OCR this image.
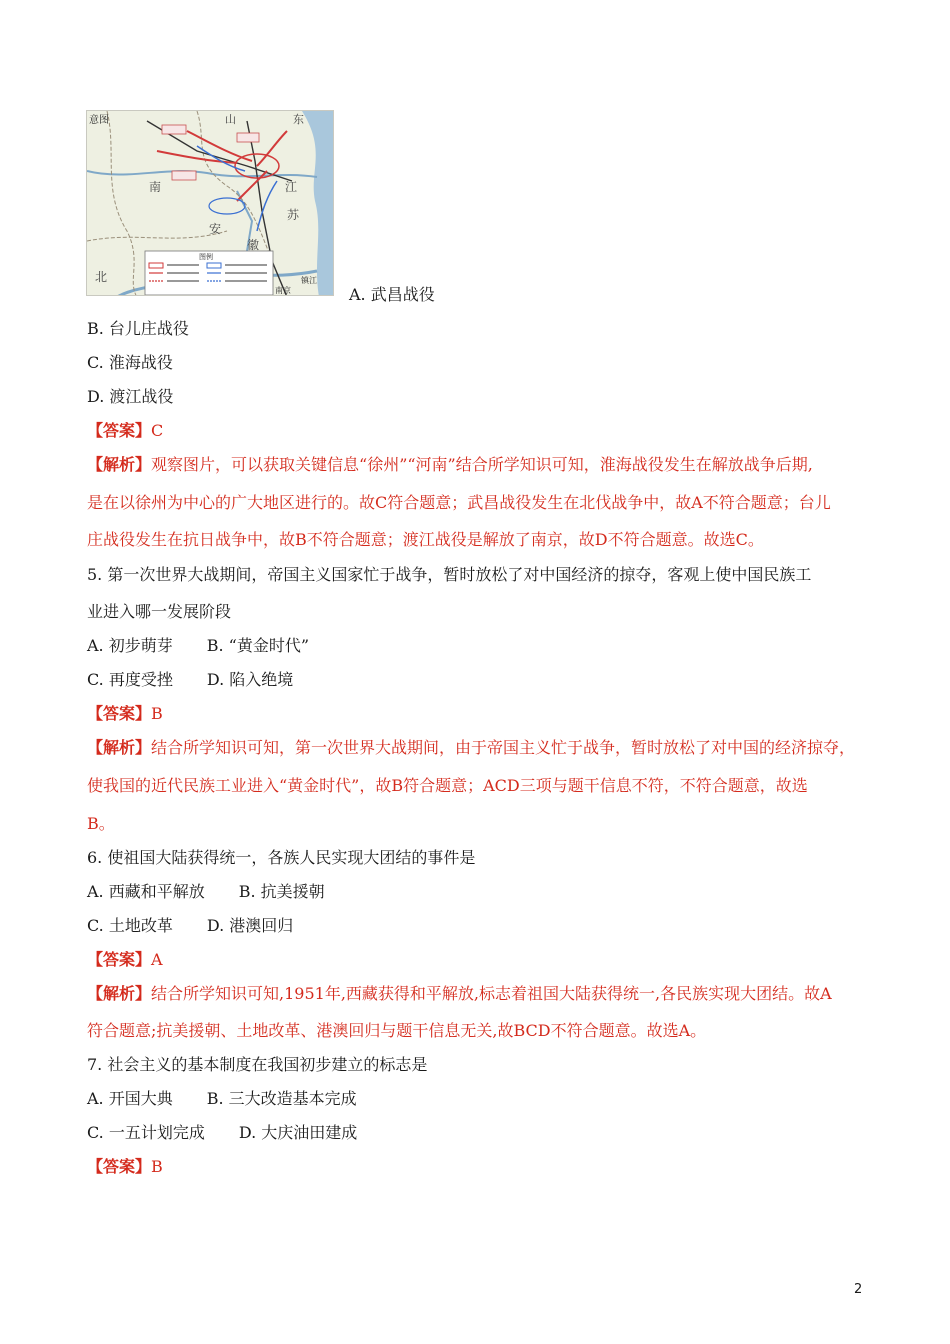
意图	山	东
南	江
苏
安
徽
北
南京
镇江
图例
A. 武昌战役
B. 台儿庄战役
C. 淮海战役
D. 渡江战役
【答案】C
【解析】观察图片，可以获取关键信息“徐州”“河南”结合所学知识可知，淮海战役发生在解放战争后期,
是在以徐州为中心的广大地区进行的。故C符合题意；武昌战役发生在北伐战争中，故A不符合题意；台儿
庄战役发生在抗日战争中，故B不符合题意；渡江战役是解放了南京，故D不符合题意。故选C。
5. 第一次世界大战期间，帝国主义国家忙于战争，暂时放松了对中国经济的掠夺，客观上使中国民族工
业进入哪一发展阶段
A. 初步萌芽 B. “黄金时代”
C. 再度受挫 D. 陷入绝境
【答案】B
【解析】结合所学知识可知，第一次世界大战期间，由于帝国主义忙于战争，暂时放松了对中国的经济掠夺，
使我国的近代民族工业进入“黄金时代”，故B符合题意；ACD三项与题干信息不符，不符合题意，故选
B。
6. 使祖国大陆获得统一，各族人民实现大团结的事件是
A. 西藏和平解放 B. 抗美援朝
C. 土地改革 D. 港澳回归
【答案】A
【解析】结合所学知识可知,1951年,西藏获得和平解放,标志着祖国大陆获得统一,各民族实现大团结。故A
符合题意;抗美援朝、土地改革、港澳回归与题干信息无关,故BCD不符合题意。故选A。
7. 社会主义的基本制度在我国初步建立的标志是
A. 开国大典 B. 三大改造基本完成
C. 一五计划完成 D. 大庆油田建成
【答案】B
2
